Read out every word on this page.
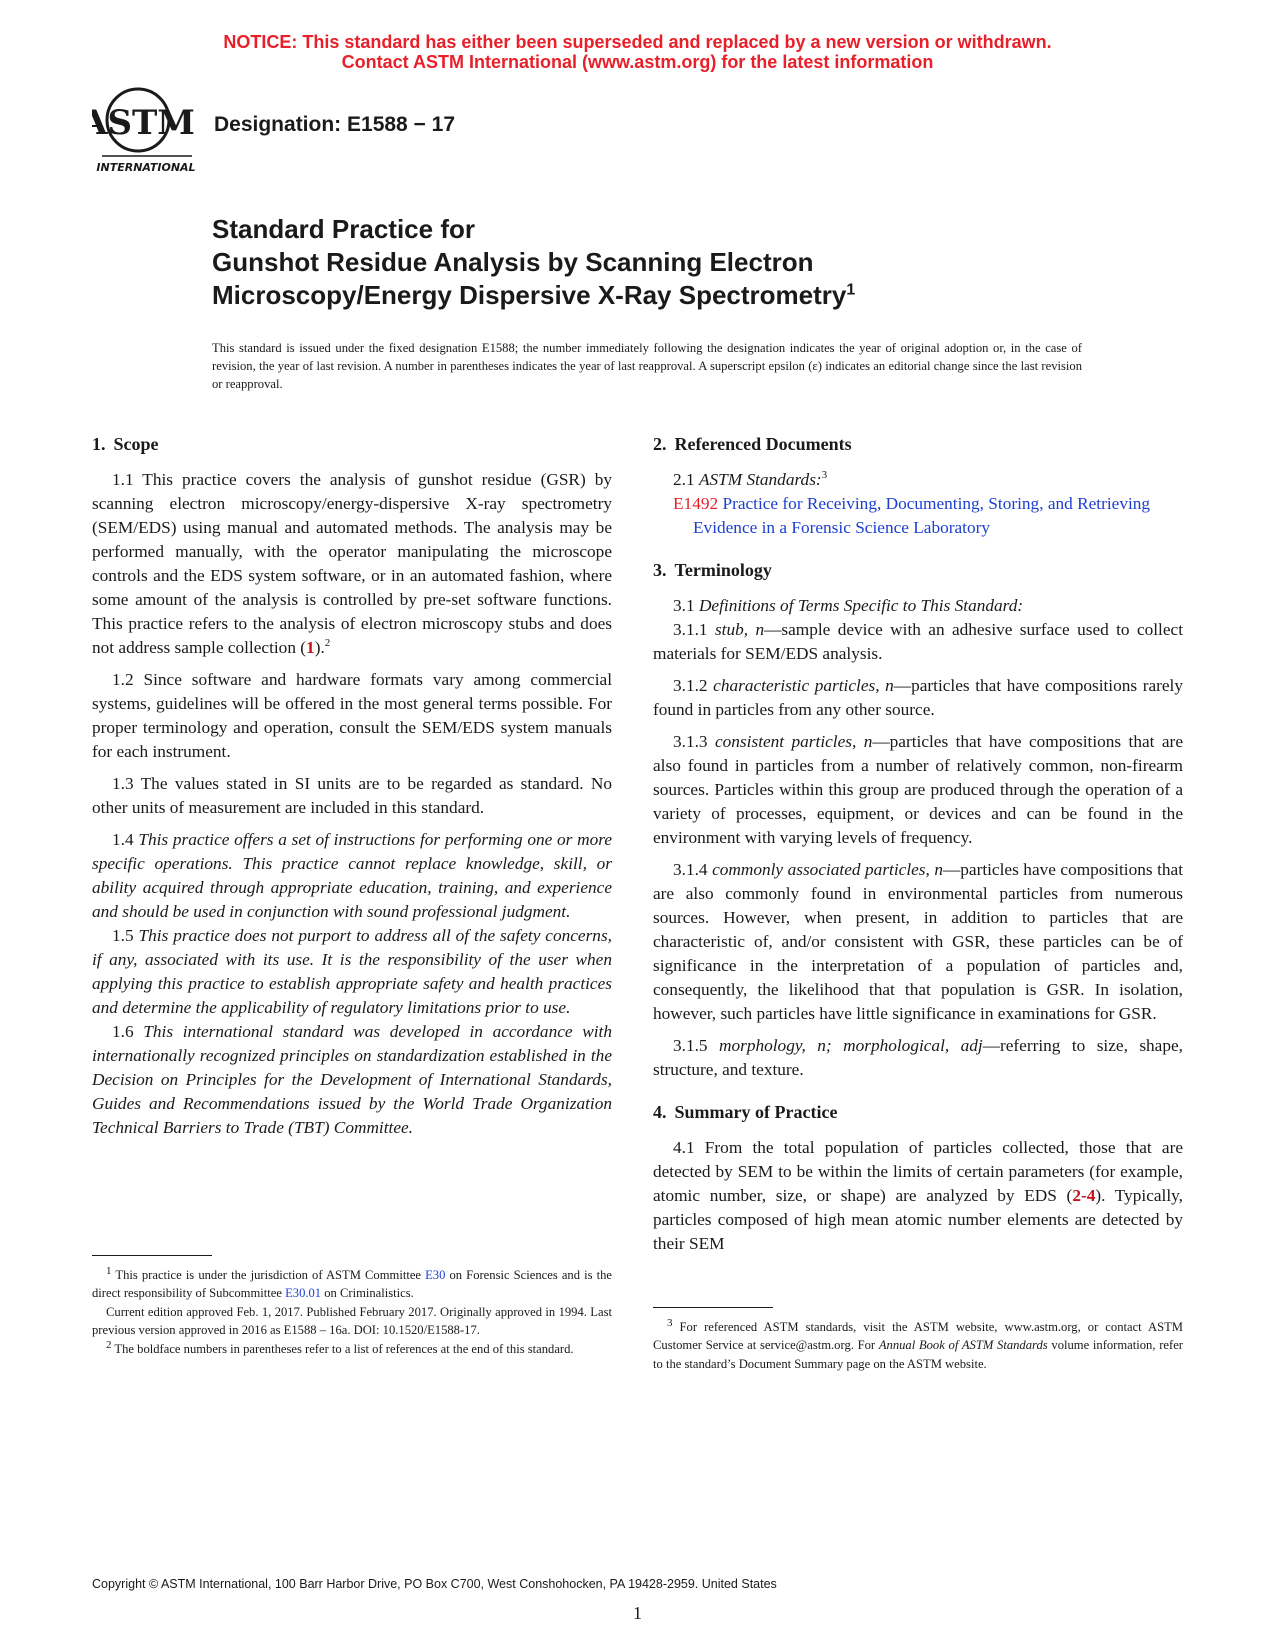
NOTICE: This standard has either been superseded and replaced by a new version or withdrawn.
Contact ASTM International (www.astm.org) for the latest information
ASTM
INTERNATIONAL
Designation: E1588 − 17
Standard Practice for
Gunshot Residue Analysis by Scanning Electron
Microscopy/Energy Dispersive X-Ray Spectrometry$^1$
This standard is issued under the fixed designation E1588; the number immediately following the designation indicates the year of original adoption or, in the case of revision, the year of last revision. A number in parentheses indicates the year of last reapproval. A superscript epsilon (ε) indicates an editorial change since the last revision or reapproval.
1. Scope

1.1 This practice covers the analysis of gunshot residue (GSR) by scanning electron microscopy/energy-dispersive X-ray spectrometry (SEM/EDS) using manual and automated methods. The analysis may be performed manually, with the operator manipulating the microscope controls and the EDS system software, or in an automated fashion, where some amount of the analysis is controlled by pre-set software functions. This practice refers to the analysis of electron microscopy stubs and does not address sample collection (1).$^2$

1.2 Since software and hardware formats vary among commercial systems, guidelines will be offered in the most general terms possible. For proper terminology and operation, consult the SEM/EDS system manuals for each instrument.

1.3 The values stated in SI units are to be regarded as standard. No other units of measurement are included in this standard.

1.4 This practice offers a set of instructions for performing one or more specific operations. This practice cannot replace knowledge, skill, or ability acquired through appropriate education, training, and experience and should be used in conjunction with sound professional judgment.

1.5 This practice does not purport to address all of the safety concerns, if any, associated with its use. It is the responsibility of the user when applying this practice to establish appropriate safety and health practices and determine the applicability of regulatory limitations prior to use.

1.6 This international standard was developed in accordance with internationally recognized principles on standardization established in the Decision on Principles for the Development of International Standards, Guides and Recommendations issued by the World Trade Organization Technical Barriers to Trade (TBT) Committee.

$^1$ This practice is under the jurisdiction of ASTM Committee E30 on Forensic Sciences and is the direct responsibility of Subcommittee E30.01 on Criminalistics.

Current edition approved Feb. 1, 2017. Published February 2017. Originally approved in 1994. Last previous version approved in 2016 as E1588 – 16a. DOI: 10.1520/E1588-17.

$^2$ The boldface numbers in parentheses refer to a list of references at the end of this standard.

2. Referenced Documents

2.1 ASTM Standards:$^3$

E1492 Practice for Receiving, Documenting, Storing, and Retrieving Evidence in a Forensic Science Laboratory

3. Terminology

3.1 Definitions of Terms Specific to This Standard:

3.1.1 stub, n—sample device with an adhesive surface used to collect materials for SEM/EDS analysis.

3.1.2 characteristic particles, n—particles that have compositions rarely found in particles from any other source.

3.1.3 consistent particles, n—particles that have compositions that are also found in particles from a number of relatively common, non-firearm sources. Particles within this group are produced through the operation of a variety of processes, equipment, or devices and can be found in the environment with varying levels of frequency.

3.1.4 commonly associated particles, n—particles have compositions that are also commonly found in environmental particles from numerous sources. However, when present, in addition to particles that are characteristic of, and/or consistent with GSR, these particles can be of significance in the interpretation of a population of particles and, consequently, the likelihood that that population is GSR. In isolation, however, such particles have little significance in examinations for GSR.

3.1.5 morphology, n; morphological, adj—referring to size, shape, structure, and texture.

4. Summary of Practice

4.1 From the total population of particles collected, those that are detected by SEM to be within the limits of certain parameters (for example, atomic number, size, or shape) are analyzed by EDS (2-4). Typically, particles composed of high mean atomic number elements are detected by their SEM

$^3$ For referenced ASTM standards, visit the ASTM website, www.astm.org, or contact ASTM Customer Service at service@astm.org. For Annual Book of ASTM Standards volume information, refer to the standard’s Document Summary page on the ASTM website.

Copyright © ASTM International, 100 Barr Harbor Drive, PO Box C700, West Conshohocken, PA 19428-2959. United States
1
